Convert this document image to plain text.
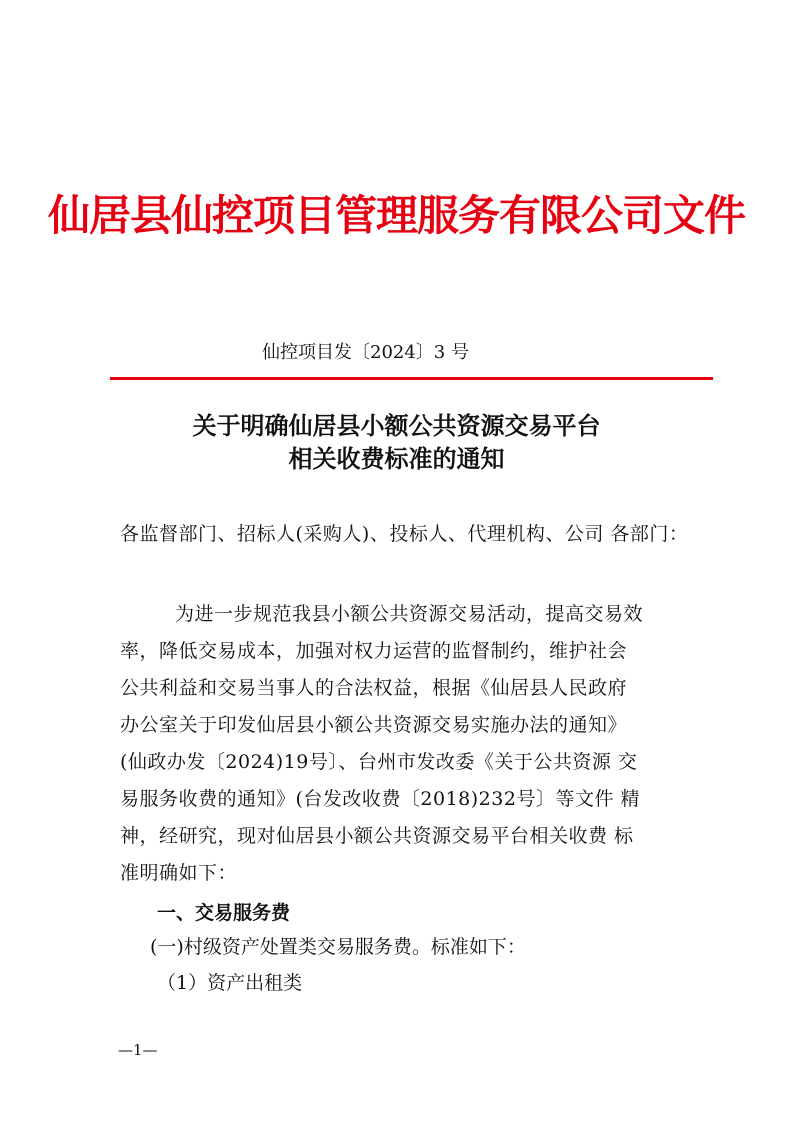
仙居县仙控项目管理服务有限公司文件
仙控项目发〔2024〕3 号
关于明确仙居县小额公共资源交易平台
相关收费标准的通知
各监督部门、招标人(采购人)、投标人、代理机构、公司 各部门：
为进一步规范我县小额公共资源交易活动，提高交易效
率，降低交易成本，加强对权力运营的监督制约，维护社会
公共利益和交易当事人的合法权益，根据《仙居县人民政府
办公室关于印发仙居县小额公共资源交易实施办法的通知》
(仙政办发〔2024)19号〕、台州市发改委《关于公共资源 交
易服务收费的通知》(台发改收费〔2018)232号〕等文件 精
神，经研究，现对仙居县小额公共资源交易平台相关收费 标
准明确如下：
一、交易服务费
(一)村级资产处置类交易服务费。标准如下：
（1）资产出租类
—1—
